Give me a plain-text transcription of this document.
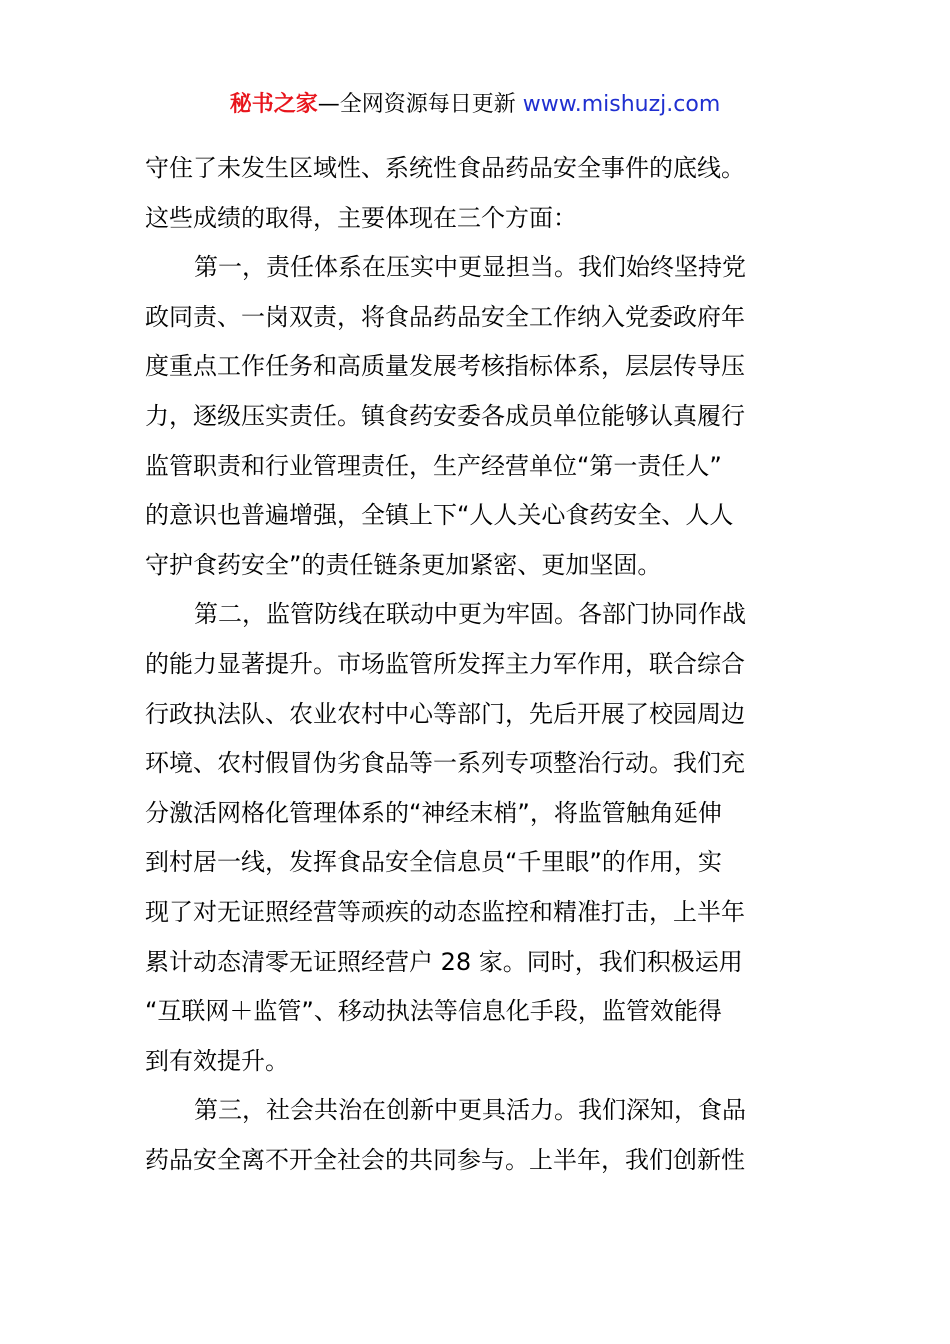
秘书之家—全网资源每日更新 www.mishuzj.com
守住了未发生区域性、系统性食品药品安全事件的底线。
这些成绩的取得，主要体现在三个方面：
第一，责任体系在压实中更显担当。我们始终坚持党
政同责、一岗双责，将食品药品安全工作纳入党委政府年
度重点工作任务和高质量发展考核指标体系，层层传导压
力，逐级压实责任。镇食药安委各成员单位能够认真履行
监管职责和行业管理责任，生产经营单位“第一责任人”
的意识也普遍增强，全镇上下“人人关心食药安全、人人
守护食药安全”的责任链条更加紧密、更加坚固。
第二，监管防线在联动中更为牢固。各部门协同作战
的能力显著提升。市场监管所发挥主力军作用，联合综合
行政执法队、农业农村中心等部门，先后开展了校园周边
环境、农村假冒伪劣食品等一系列专项整治行动。我们充
分激活网格化管理体系的“神经末梢”，将监管触角延伸
到村居一线，发挥食品安全信息员“千里眼”的作用，实
现了对无证照经营等顽疾的动态监控和精准打击，上半年
累计动态清零无证照经营户 28 家。同时，我们积极运用
“互联网＋监管”、移动执法等信息化手段，监管效能得
到有效提升。
第三，社会共治在创新中更具活力。我们深知，食品
药品安全离不开全社会的共同参与。上半年，我们创新性
